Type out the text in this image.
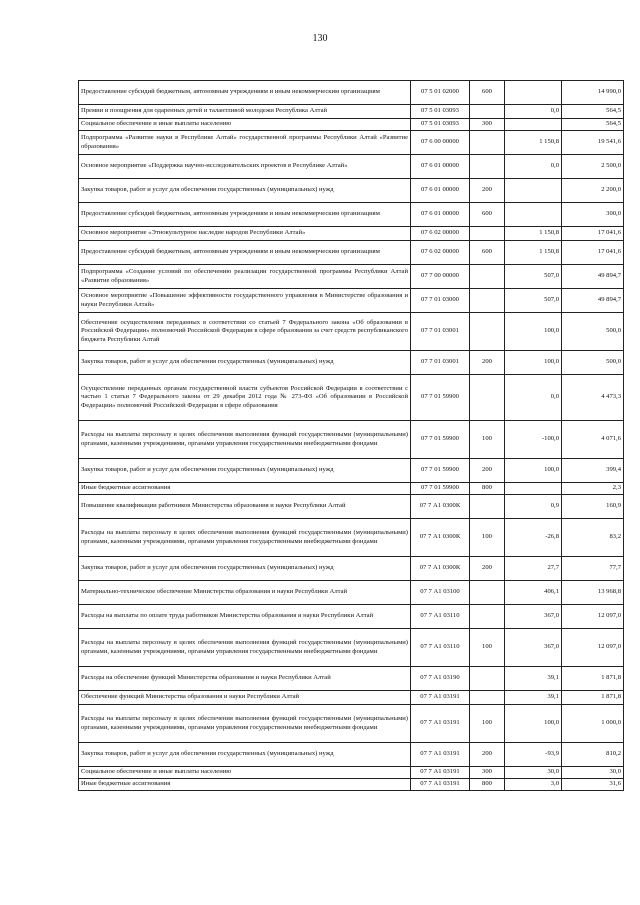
130
Предоставление субсидий бюджетным, автономным учреждениям и иным некоммерческим организациям	07 5 01 02000	600		14 990,0
Премии и поощрения для одаренных детей и талантливой молодежи Республика Алтай	07 5 01 03093		0,0	564,5
Социальное обеспечение и иные выплаты населению	07 5 01 03093	300		564,5
Подпрограмма «Развитие науки в Республике Алтай» государственной программы Республики Алтай «Развитие образования»	07 6 00 00000		1 150,8	19 541,6
Основное мероприятие «Поддержка научно-исследовательских проектов в Республике Алтай»	07 6 01 00000		0,0	2 500,0
Закупка товаров, работ и услуг для обеспечения государственных (муниципальных) нужд	07 6 01 00000	200		2 200,0
Предоставление субсидий бюджетным, автономным учреждениям и иным некоммерческим организациям	07 6 01 00000	600		300,0
Основное мероприятие «Этнокультурное наследие народов Республики Алтай»	07 6 02 00000		1 150,8	17 041,6
Предоставление субсидий бюджетным, автономным учреждениям и иным некоммерческим организациям	07 6 02 00000	600	1 150,8	17 041,6
Подпрограмма «Создание условий по обеспечению реализации государственной программы Республики Алтай «Развитие образования»	07 7 00 00000		507,0	49 894,7
Основное мероприятие «Повышение эффективности государственного управления в Министерстве образования и науки Республики Алтай»	07 7 01 03000		507,0	49 894,7
Обеспечение осуществления переданных в соответствии со статьей 7 Федерального закона «Об образовании в Российской Федерации» полномочий Российской Федерации в сфере образования за счет средств республиканского бюджета Республики Алтай	07 7 01 03001		100,0	500,0
Закупка товаров, работ и услуг для обеспечения государственных (муниципальных) нужд	07 7 01 03001	200	100,0	500,0
Осуществление переданных органам государственной власти субъектов Российской Федерации в соответствии с частью 1 статьи 7 Федерального закона от 29 декабря 2012 года № 273-ФЗ «Об образовании в Российской Федерации» полномочий Российской Федерации в сфере образования	07 7 01 59900		0,0	4 473,3
Расходы на выплаты персоналу в целях обеспечения выполнения функций государственными (муниципальными) органами, казенными учреждениями, органами управления государственными внебюджетными фондами	07 7 01 59900	100	-100,0	4 071,6
Закупка товаров, работ и услуг для обеспечения государственных (муниципальных) нужд	07 7 01 59900	200	100,0	399,4
Иные бюджетные ассигнования	07 7 01 59900	800		2,3
Повышение квалификации работников Министерства образования и науки Республики Алтай	07 7 А1 0300К		0,9	160,9
Расходы на выплаты персоналу в целях обеспечения выполнения функций государственными (муниципальными) органами, казенными учреждениями, органами управления государственными внебюджетными фондами	07 7 А1 0300К	100	-26,8	83,2
Закупка товаров, работ и услуг для обеспечения государственных (муниципальных) нужд	07 7 А1 0300К	200	27,7	77,7
Материально-техническое обеспечение Министерства образования и науки Республики Алтай	07 7 А1 03100		406,1	13 968,8
Расходы на выплаты по оплате труда работников Министерства образования и науки Республики Алтай	07 7 А1 03110		367,0	12 097,0
Расходы на выплаты персоналу в целях обеспечения выполнения функций государственными (муниципальными) органами, казенными учреждениями, органами управления государственными внебюджетными фондами	07 7 А1 03110	100	367,0	12 097,0
Расходы на обеспечение функций Министерства образования и науки Республики Алтай	07 7 А1 03190		39,1	1 871,8
Обеспечение функций Министерства образования и науки Республики Алтай	07 7 А1 03191		39,1	1 871,8
Расходы на выплаты персоналу в целях обеспечения выполнения функций государственными (муниципальными) органами, казенными учреждениями, органами управления государственными внебюджетными фондами	07 7 А1 03191	100	100,0	1 000,0
Закупка товаров, работ и услуг для обеспечения государственных (муниципальных) нужд	07 7 А1 03191	200	-93,9	810,2
Социальное обеспечение и иные выплаты населению	07 7 А1 03191	300	30,0	30,0
Иные бюджетные ассигнования	07 7 А1 03191	800	3,0	31,6
